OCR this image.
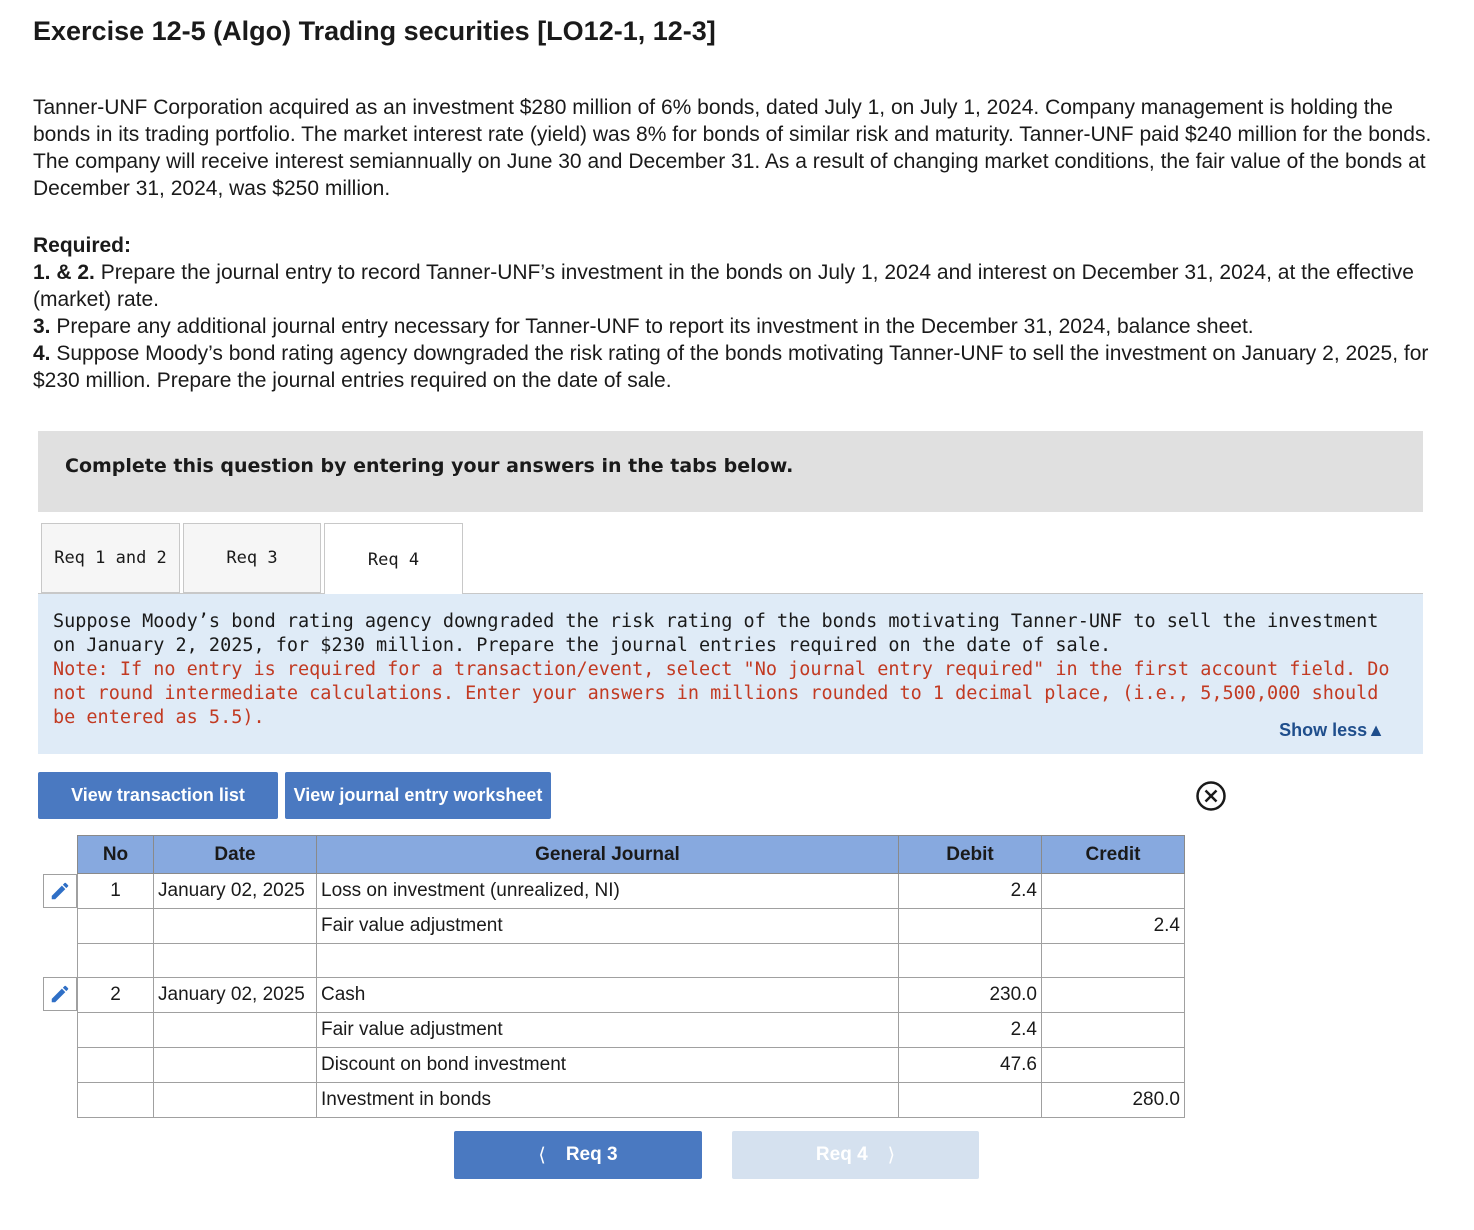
Exercise 12-5 (Algo) Trading securities [LO12-1, 12-3]
Tanner-UNF Corporation acquired as an investment $280 million of 6% bonds, dated July 1, on July 1, 2024. Company management is holding the bonds in its trading portfolio. The market interest rate (yield) was 8% for bonds of similar risk and maturity. Tanner-UNF paid $240 million for the bonds. The company will receive interest semiannually on June 30 and December 31. As a result of changing market conditions, the fair value of the bonds at December 31, 2024, was $250 million.
Required:
1. & 2. Prepare the journal entry to record Tanner-UNF’s investment in the bonds on July 1, 2024 and interest on December 31, 2024, at the effective (market) rate.
3. Prepare any additional journal entry necessary for Tanner-UNF to report its investment in the December 31, 2024, balance sheet.
4. Suppose Moody’s bond rating agency downgraded the risk rating of the bonds motivating Tanner-UNF to sell the investment on January 2, 2025, for $230 million. Prepare the journal entries required on the date of sale.
Complete this question by entering your answers in the tabs below.
Req 1 and 2	Req 3	Req 4
Suppose Moody’s bond rating agency downgraded the risk rating of the bonds motivating Tanner-UNF to sell the investment on January 2, 2025, for $230 million. Prepare the journal entries required on the date of sale.
Note: If no entry is required for a transaction/event, select "No journal entry required" in the first account field. Do not round intermediate calculations. Enter your answers in millions rounded to 1 decimal place, (i.e., 5,500,000 should be entered as 5.5).
Show less▲
View transaction list	View journal entry worksheet
No	Date	General Journal	Debit	Credit
1	January 02, 2025	Loss on investment (unrealized, NI)	2.4	
		Fair value adjustment		2.4

2	January 02, 2025	Cash	230.0	
		Fair value adjustment	2.4	
		Discount on bond investment	47.6	
		Investment in bonds		280.0
⟨ Req 3	Req 4 ⟩
